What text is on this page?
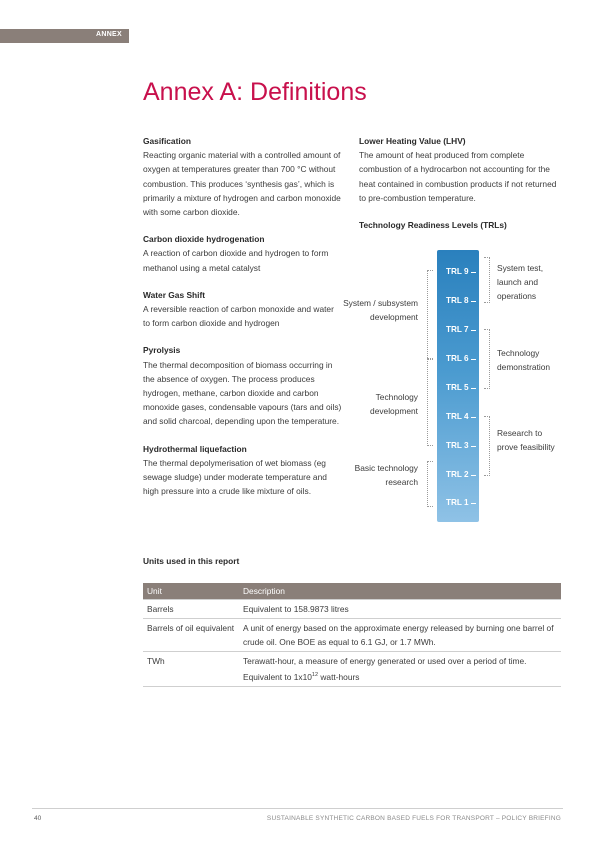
ANNEX
Annex A: Definitions

Gasification

Reacting organic material with a controlled amount of oxygen at temperatures greater than 700 °C without combustion. This produces ‘synthesis gas’, which is primarily a mixture of hydrogen and carbon monoxide with some carbon dioxide.

Carbon dioxide hydrogenation

A reaction of carbon dioxide and hydrogen to form methanol using a metal catalyst

Water Gas Shift

A reversible reaction of carbon monoxide and water to form carbon dioxide and hydrogen

Pyrolysis

The thermal decomposition of biomass occurring in the absence of oxygen. The process produces hydrogen, methane, carbon dioxide and carbon monoxide gases, condensable vapours (tars and oils) and solid charcoal, depending upon the temperature.

Hydrothermal liquefaction

The thermal depolymerisation of wet biomass (eg sewage sludge) under moderate temperature and high pressure into a crude like mixture of oils.

Lower Heating Value (LHV)

The amount of heat produced from complete combustion of a hydrocarbon not accounting for the heat contained in combustion products if not returned to pre-combustion temperature.

Technology Readiness Levels (TRLs)

TRL 9
TRL 8
TRL 7
TRL 6
TRL 5
TRL 4
TRL 3
TRL 2
TRL 1
System / subsystem development
Technology development
Basic technology research
System test, launch and operations
Technology demonstration
Research to prove feasibility
Units used in this report
Unit	Description
Barrels	Equivalent to 158.9873 litres
Barrels of oil equivalent	A unit of energy based on the approximate energy released by burning one barrel of crude oil. One BOE as equal to 6.1 GJ, or 1.7 MWh.
TWh	Terawatt-hour, a measure of energy generated or used over a period of time. Equivalent to $1x10^{12}$ watt-hours
40	SUSTAINABLE SYNTHETIC CARBON BASED FUELS FOR TRANSPORT – POLICY BRIEFING
